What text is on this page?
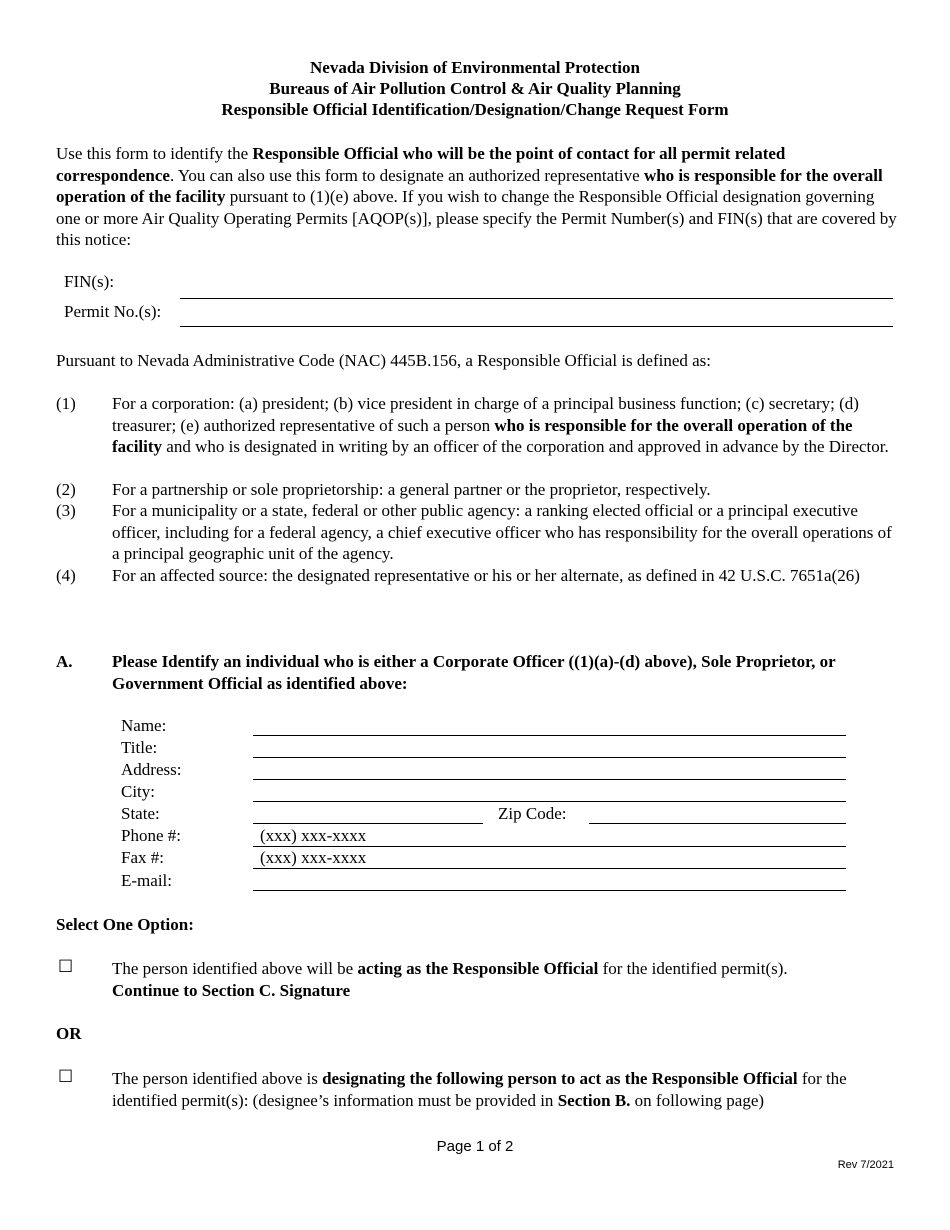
Nevada Division of Environmental Protection
Bureaus of Air Pollution Control & Air Quality Planning
Responsible Official Identification/Designation/Change Request Form
Use this form to identify the Responsible Official who will be the point of contact for all permit related correspondence. You can also use this form to designate an authorized representative who is responsible for the overall operation of the facility pursuant to (1)(e) above. If you wish to change the Responsible Official designation governing one or more Air Quality Operating Permits [AQOP(s)], please specify the Permit Number(s) and FIN(s) that are covered by this notice:
FIN(s):
Permit No.(s):
Pursuant to Nevada Administrative Code (NAC) 445B.156, a Responsible Official is defined as:
(1) For a corporation: (a) president; (b) vice president in charge of a principal business function; (c) secretary; (d) treasurer; (e) authorized representative of such a person who is responsible for the overall operation of the facility and who is designated in writing by an officer of the corporation and approved in advance by the Director.
(2) For a partnership or sole proprietorship: a general partner or the proprietor, respectively.
(3) For a municipality or a state, federal or other public agency: a ranking elected official or a principal executive officer, including for a federal agency, a chief executive officer who has responsibility for the overall operations of a principal geographic unit of the agency.
(4) For an affected source: the designated representative or his or her alternate, as defined in 42 U.S.C. 7651a(26)
A. Please Identify an individual who is either a Corporate Officer ((1)(a)-(d) above), Sole Proprietor, or Government Official as identified above:
Name:
Title:
Address:
City:
State:	Zip Code:
Phone #:	(xxx) xxx-xxxx
Fax #:	(xxx) xxx-xxxx
E-mail:
Select One Option:
☐ The person identified above will be acting as the Responsible Official for the identified permit(s).
Continue to Section C. Signature
OR
☐ The person identified above is designating the following person to act as the Responsible Official for the identified permit(s): (designee’s information must be provided in Section B. on following page)
Page 1 of 2
Rev 7/2021
